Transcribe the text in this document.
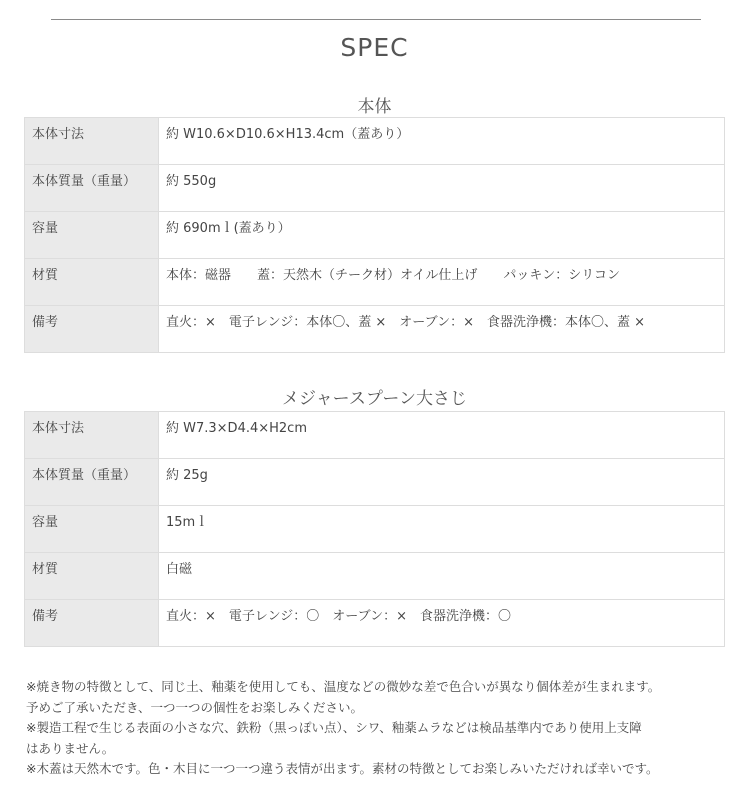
SPEC
本体
本体寸法	約 W10.6×D10.6×H13.4cm（蓋あり）
本体質量（重量）	約 550g
容量	約 690mｌ(蓋あり）
材質	本体：磁器　　蓋：天然木（チーク材）オイル仕上げ　　パッキン：シリコン
備考	直火：×　電子レンジ：本体〇、蓋 ×　オーブン：×　食器洗浄機：本体〇、蓋 ×
メジャースプーン大さじ
本体寸法	約 W7.3×D4.4×H2cm
本体質量（重量）	約 25g
容量	15mｌ
材質	白磁
備考	直火：×　電子レンジ：〇　オーブン：×　食器洗浄機：〇
※焼き物の特徴として、同じ土、釉薬を使用しても、温度などの微妙な差で色合いが異なり個体差が生まれます。
予めご了承いただき、一つ一つの個性をお楽しみください。
※製造工程で生じる表面の小さな穴、鉄粉（黒っぽい点）、シワ、釉薬ムラなどは検品基準内であり使用上支障
はありません。
※木蓋は天然木です。色・木目に一つ一つ違う表情が出ます。素材の特徴としてお楽しみいただければ幸いです。
